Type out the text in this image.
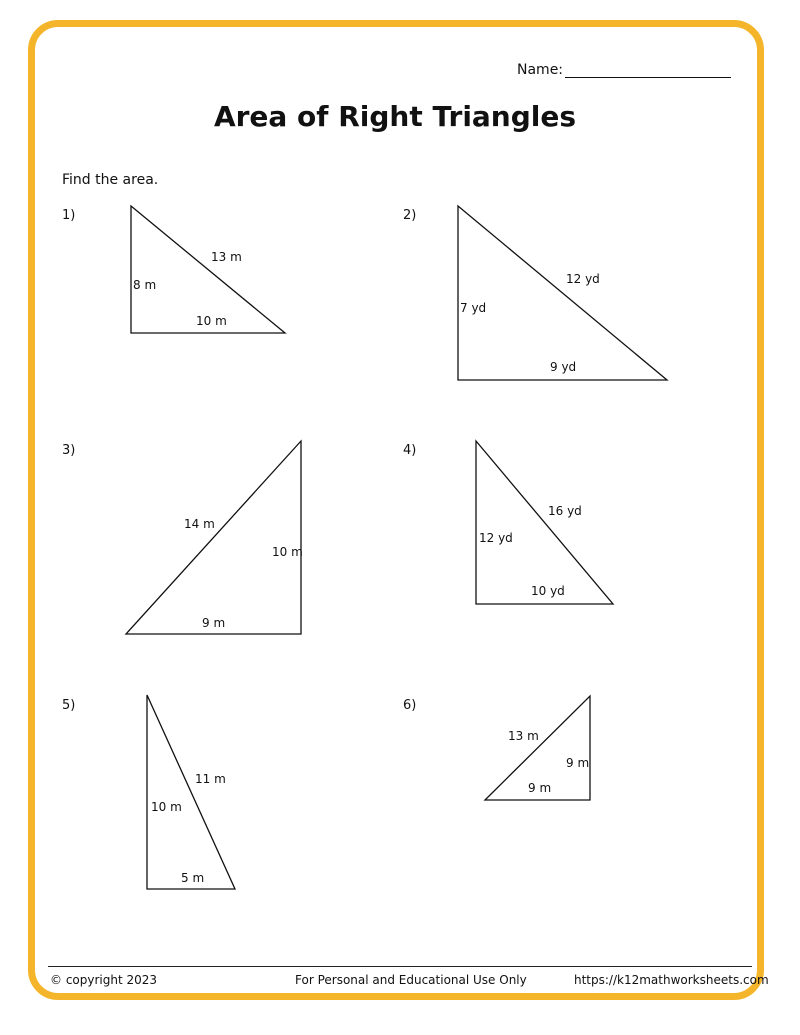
Name:
Area of Right Triangles
Find the area.
1)	2)
3)	4)
5)	6)
13 m
8 m
10 m
12 yd
7 yd
9 yd
14 m
10 m
9 m
16 yd
12 yd
10 yd
11 m
10 m
5 m
13 m
9 m
9 m
© copyright 2023	For Personal and Educational Use Only	https://k12mathworksheets.com
